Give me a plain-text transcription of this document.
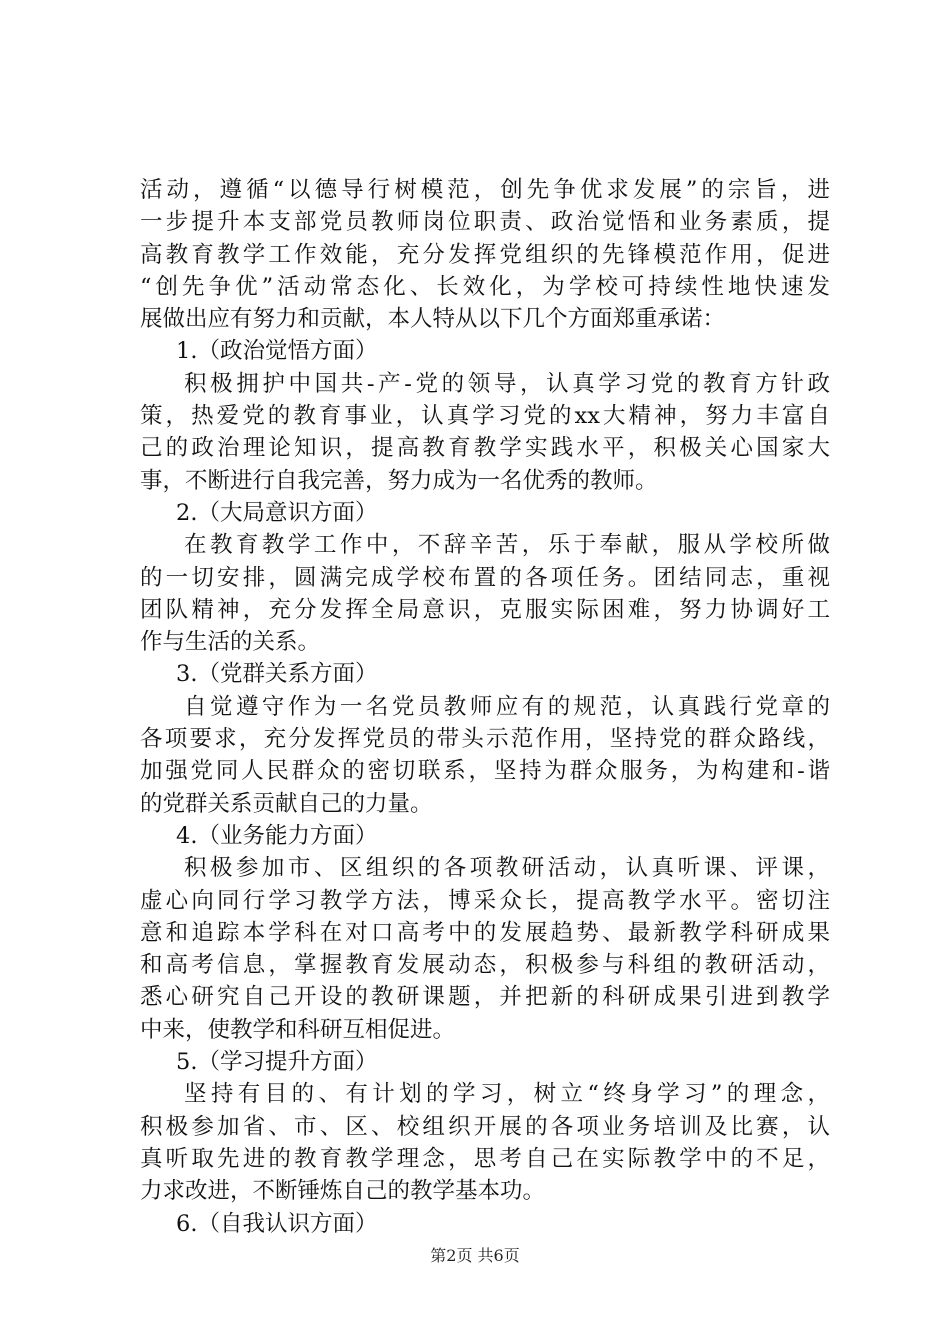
活动，遵循“以德导行树模范，创先争优求发展”的宗旨，进
一步提升本支部党员教师岗位职责、政治觉悟和业务素质，提
高教育教学工作效能，充分发挥党组织的先锋模范作用，促进
“创先争优”活动常态化、长效化，为学校可持续性地快速发
展做出应有努力和贡献，本人特从以下几个方面郑重承诺：
1.（政治觉悟方面）
积极拥护中国共-产-党的领导，认真学习党的教育方针政
策，热爱党的教育事业，认真学习党的xx大精神，努力丰富自
己的政治理论知识，提高教育教学实践水平，积极关心国家大
事，不断进行自我完善，努力成为一名优秀的教师。
2.（大局意识方面）
在教育教学工作中，不辞辛苦，乐于奉献，服从学校所做
的一切安排，圆满完成学校布置的各项任务。团结同志，重视
团队精神，充分发挥全局意识，克服实际困难，努力协调好工
作与生活的关系。
3.（党群关系方面）
自觉遵守作为一名党员教师应有的规范，认真践行党章的
各项要求，充分发挥党员的带头示范作用，坚持党的群众路线，
加强党同人民群众的密切联系，坚持为群众服务，为构建和-谐
的党群关系贡献自己的力量。
4.（业务能力方面）
积极参加市、区组织的各项教研活动，认真听课、评课，
虚心向同行学习教学方法，博采众长，提高教学水平。密切注
意和追踪本学科在对口高考中的发展趋势、最新教学科研成果
和高考信息，掌握教育发展动态，积极参与科组的教研活动，
悉心研究自己开设的教研课题，并把新的科研成果引进到教学
中来，使教学和科研互相促进。
5.（学习提升方面）
坚持有目的、有计划的学习，树立“终身学习”的理念，
积极参加省、市、区、校组织开展的各项业务培训及比赛，认
真听取先进的教育教学理念，思考自己在实际教学中的不足，
力求改进，不断锤炼自己的教学基本功。
6.（自我认识方面）
第2页 共6页
